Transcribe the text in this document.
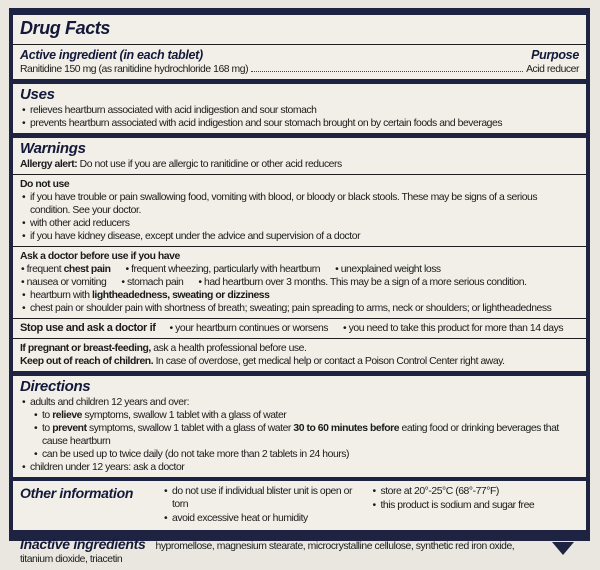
Drug Facts
Active ingredient (in each tablet)	Purpose
Ranitidine 150 mg (as ranitidine hydrochloride 168 mg)	Acid reducer
Uses
• relieves heartburn associated with acid indigestion and sour stomach
• prevents heartburn associated with acid indigestion and sour stomach brought on by certain foods and beverages
Warnings
Allergy alert: Do not use if you are allergic to ranitidine or other acid reducers
Do not use
• if you have trouble or pain swallowing food, vomiting with blood, or bloody or black stools. These may be signs of a serious condition. See your doctor.
• with other acid reducers
• if you have kidney disease, except under the advice and supervision of a doctor
Ask a doctor before use if you have
• frequent chest pain • frequent wheezing, particularly with heartburn • unexplained weight loss
• nausea or vomiting • stomach pain • had heartburn over 3 months. This may be a sign of a more serious condition.
• heartburn with lightheadedness, sweating or dizziness
• chest pain or shoulder pain with shortness of breath; sweating; pain spreading to arms, neck or shoulders; or lightheadedness
Stop use and ask a doctor if	• your heartburn continues or worsens	• you need to take this product for more than 14 days
If pregnant or breast-feeding, ask a health professional before use.
Keep out of reach of children. In case of overdose, get medical help or contact a Poison Control Center right away.
Directions
• adults and children 12 years and over:
• to relieve symptoms, swallow 1 tablet with a glass of water
• to prevent symptoms, swallow 1 tablet with a glass of water 30 to 60 minutes before eating food or drinking beverages that cause heartburn
• can be used up to twice daily (do not take more than 2 tablets in 24 hours)
• children under 12 years: ask a doctor
Other information	• do not use if individual blister unit is open or torn
• avoid excessive heat or humidity
• store at 20°-25°C (68°-77°F)
• this product is sodium and sugar free
Inactive ingredients hypromellose, magnesium stearate, microcrystalline cellulose, synthetic red iron oxide, titanium dioxide, triacetin
